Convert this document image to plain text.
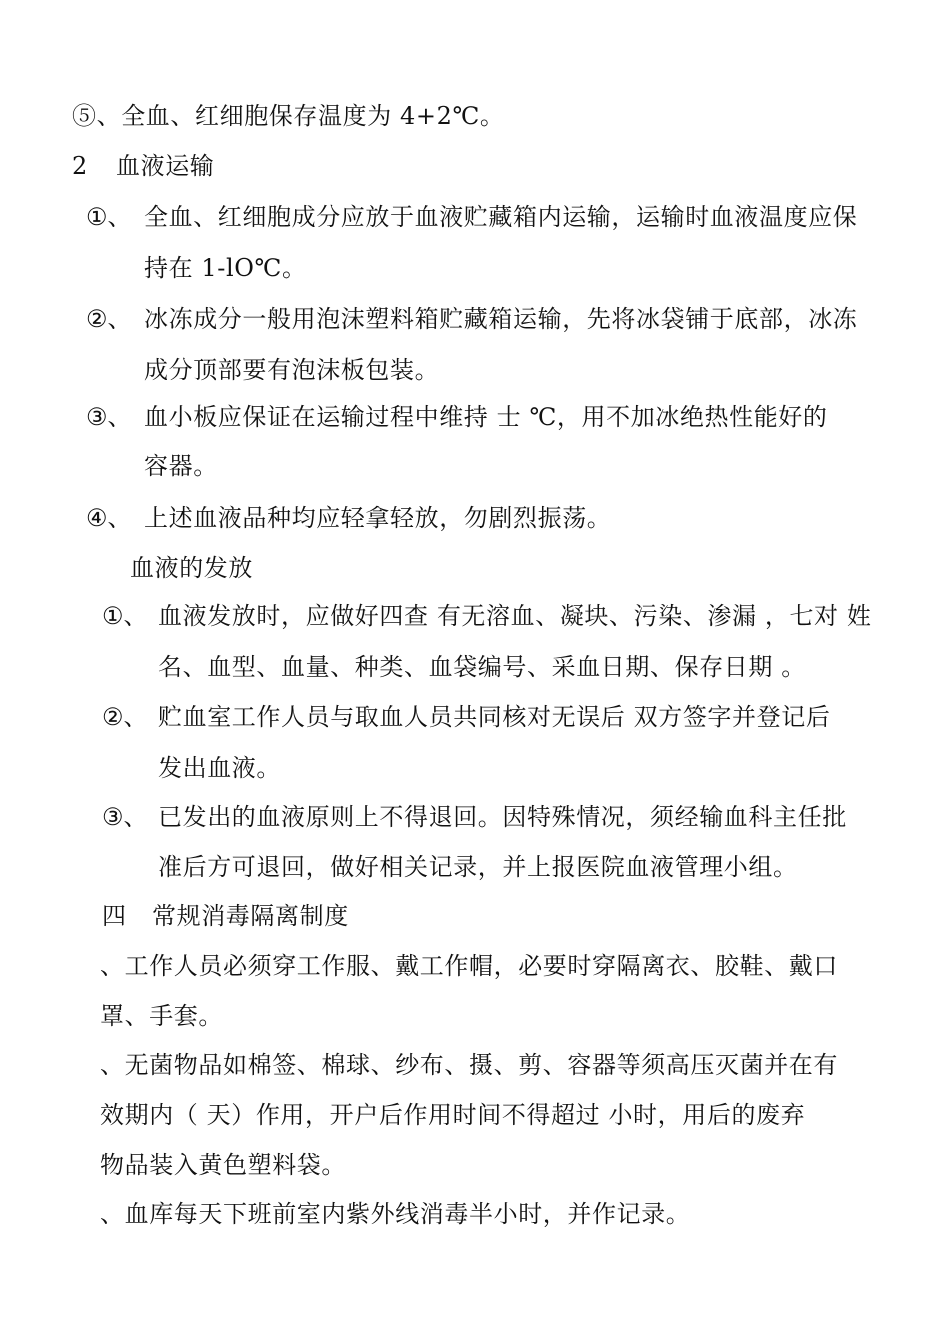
⑤、全血、红细胞保存温度为 4+2℃。
2 血液运输
①、 全血、红细胞成分应放于血液贮藏箱内运输，运输时血液温度应保
持在 1-lO℃。
②、 冰冻成分一般用泡沫塑料箱贮藏箱运输，先将冰袋铺于底部，冰冻
成分顶部要有泡沫板包装。
③、 血小板应保证在运输过程中维持 士 ℃，用不加冰绝热性能好的
容器。
④、 上述血液品种均应轻拿轻放，勿剧烈振荡。
血液的发放
①、 血液发放时，应做好四查 有无溶血、凝块、污染、渗漏 ，七对 姓
名、血型、血量、种类、血袋编号、采血日期、保存日期 。
②、 贮血室工作人员与取血人员共同核对无误后 双方签字并登记后
发出血液。
③、 已发出的血液原则上不得退回。因特殊情况，须经输血科主任批
准后方可退回，做好相关记录，并上报医院血液管理小组。
四 常规消毒隔离制度
、工作人员必须穿工作服、戴工作帽，必要时穿隔离衣、胶鞋、戴口
罩、手套。
、无菌物品如棉签、棉球、纱布、摄、剪、容器等须高压灭菌并在有
效期内（ 天）作用，开户后作用时间不得超过 小时，用后的废弃
物品装入黄色塑料袋。
、血库每天下班前室内紫外线消毒半小时，并作记录。
